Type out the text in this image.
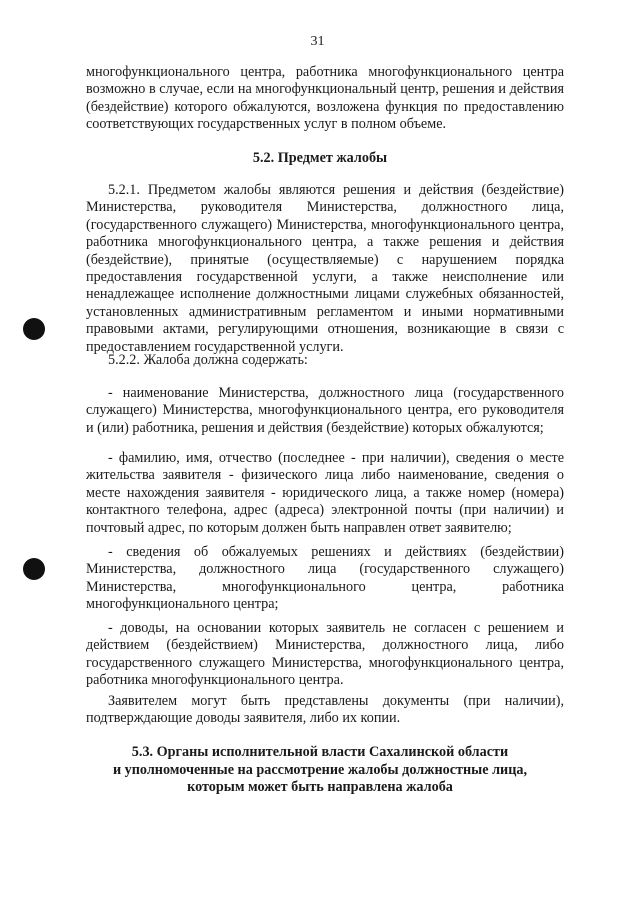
31

многофункционального центра, работника многофункционального центра возможно в случае, если на многофункциональный центр, решения и действия (бездействие) которого обжалуются, возложена функция по предоставлению соответствующих государственных услуг в полном объеме.

5.2. Предмет жалобы

5.2.1. Предметом жалобы являются решения и действия (бездействие) Министерства, руководителя Министерства, должностного лица, (государственного служащего) Министерства, многофункционального центра, работника многофункционального центра, а также решения и действия (бездействие), принятые (осуществляемые) с нарушением порядка предоставления государственной услуги, а также неисполнение или ненадлежащее исполнение должностными лицами служебных обязанностей, установленных административным регламентом и иными нормативными правовыми актами, регулирующими отношения, возникающие в связи с предоставлением государственной услуги.

5.2.2. Жалоба должна содержать:

- наименование Министерства, должностного лица (государственного служащего) Министерства, многофункционального центра, его руководителя и (или) работника, решения и действия (бездействие) которых обжалуются;

- фамилию, имя, отчество (последнее - при наличии), сведения о месте жительства заявителя - физического лица либо наименование, сведения о месте нахождения заявителя - юридического лица, а также номер (номера) контактного телефона, адрес (адреса) электронной почты (при наличии) и почтовый адрес, по которым должен быть направлен ответ заявителю;

- сведения об обжалуемых решениях и действиях (бездействии) Министерства, должностного лица (государственного служащего) Министерства, многофункционального центра, работника многофункционального центра;

- доводы, на основании которых заявитель не согласен с решением и действием (бездействием) Министерства, должностного лица, либо государственного служащего Министерства, многофункционального центра, работника многофункционального центра.

Заявителем могут быть представлены документы (при наличии), подтверждающие доводы заявителя, либо их копии.

5.3. Органы исполнительной власти Сахалинской области
и уполномоченные на рассмотрение жалобы должностные лица,
которым может быть направлена жалоба
